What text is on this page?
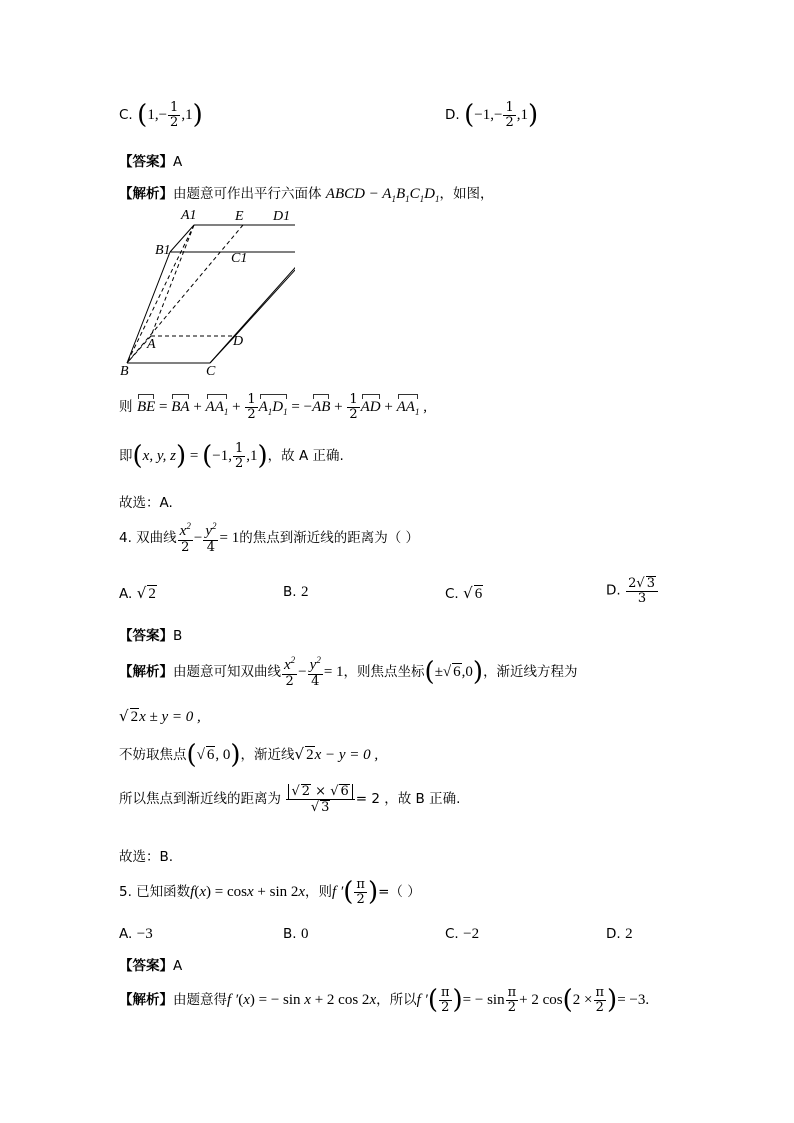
C. $(1,- \frac{1}{2} ,1)$	D. $(-1,- \frac{1}{2} ,1)$
【答案】A
【解析】由题意可作出平行六面体 ABCD − $A_1B_1C_1D_1$，如图，
A1	E D1
B1
C1
A	D
B	C
则 BE = BA + $AA_1 + \frac{1}{2} A_1D_1 = -AB + \frac{1}{2}$ AD + $AA_1$ ,
即(x, y, z) = (−1, $\frac{1}{2} ,1$)，故 A 正确.
故选：A.
4. 双曲线 $\frac{x^2}{2} - \frac{y^2}{4} = 1$的焦点到渐近线的距离为（ ）
A. √ 2	B. 2	C. √ 6	D. $\frac{2√ 3}{3}$
【答案】B
【解析】由题意可知双曲线 $\frac{x^2}{2} - \frac{y^2}{4} = 1$，则焦点坐标(±√ 6,0)，渐近线方程为
√ 2x ± y = 0 ,
不妨取焦点(√ 6, 0)，渐近线√ 2x − y = 0 ,
所以焦点到渐近线的距离为 $\frac{√ 2 \times √ 6}{√ 3} = 2$ ，故 B 正确.
故选：B.
5. 已知函数f(x) = cosx + sin 2x，则f ′( $\frac{\pi}{2}$ )=（ ）
A. −3	B. 0	C. −2	D. 2
【答案】A
【解析】由题意得f ′(x) = − sin x + 2 cos 2x，所以f ′( $\frac{\pi}{2}$ )= − $\sin \frac{\pi}{2} + 2$ $\cos(2 \times \frac{\pi}{2}$ )= −3.
